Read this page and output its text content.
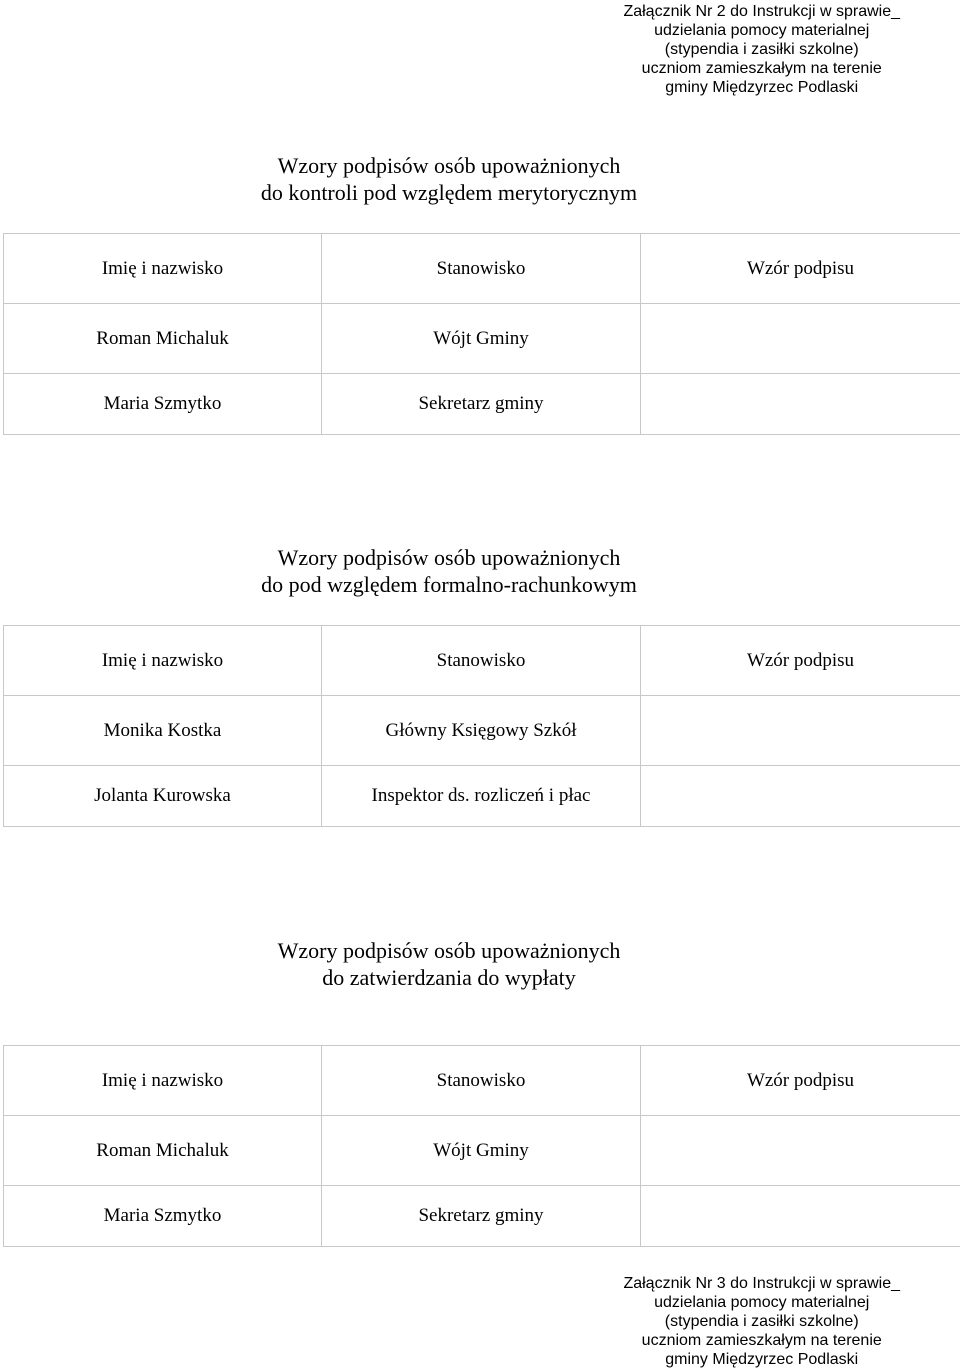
Załącznik Nr 2 do Instrukcji w sprawie_
udzielania pomocy materialnej
(stypendia i zasiłki szkolne)
uczniom zamieszkałym na terenie
gminy Międzyrzec Podlaski
Wzory podpisów osób upoważnionych
do kontroli pod względem merytorycznym
Imię i nazwisko	Stanowisko	Wzór podpisu
Roman Michaluk	Wójt Gminy	
Maria Szmytko	Sekretarz gminy	
Wzory podpisów osób upoważnionych
do pod względem formalno-rachunkowym
Imię i nazwisko	Stanowisko	Wzór podpisu
Monika Kostka	Główny Księgowy Szkół	
Jolanta Kurowska	Inspektor ds. rozliczeń i płac	
Wzory podpisów osób upoważnionych
do zatwierdzania do wypłaty
Imię i nazwisko	Stanowisko	Wzór podpisu
Roman Michaluk	Wójt Gminy	
Maria Szmytko	Sekretarz gminy	
Załącznik Nr 3 do Instrukcji w sprawie_
udzielania pomocy materialnej
(stypendia i zasiłki szkolne)
uczniom zamieszkałym na terenie
gminy Międzyrzec Podlaski
